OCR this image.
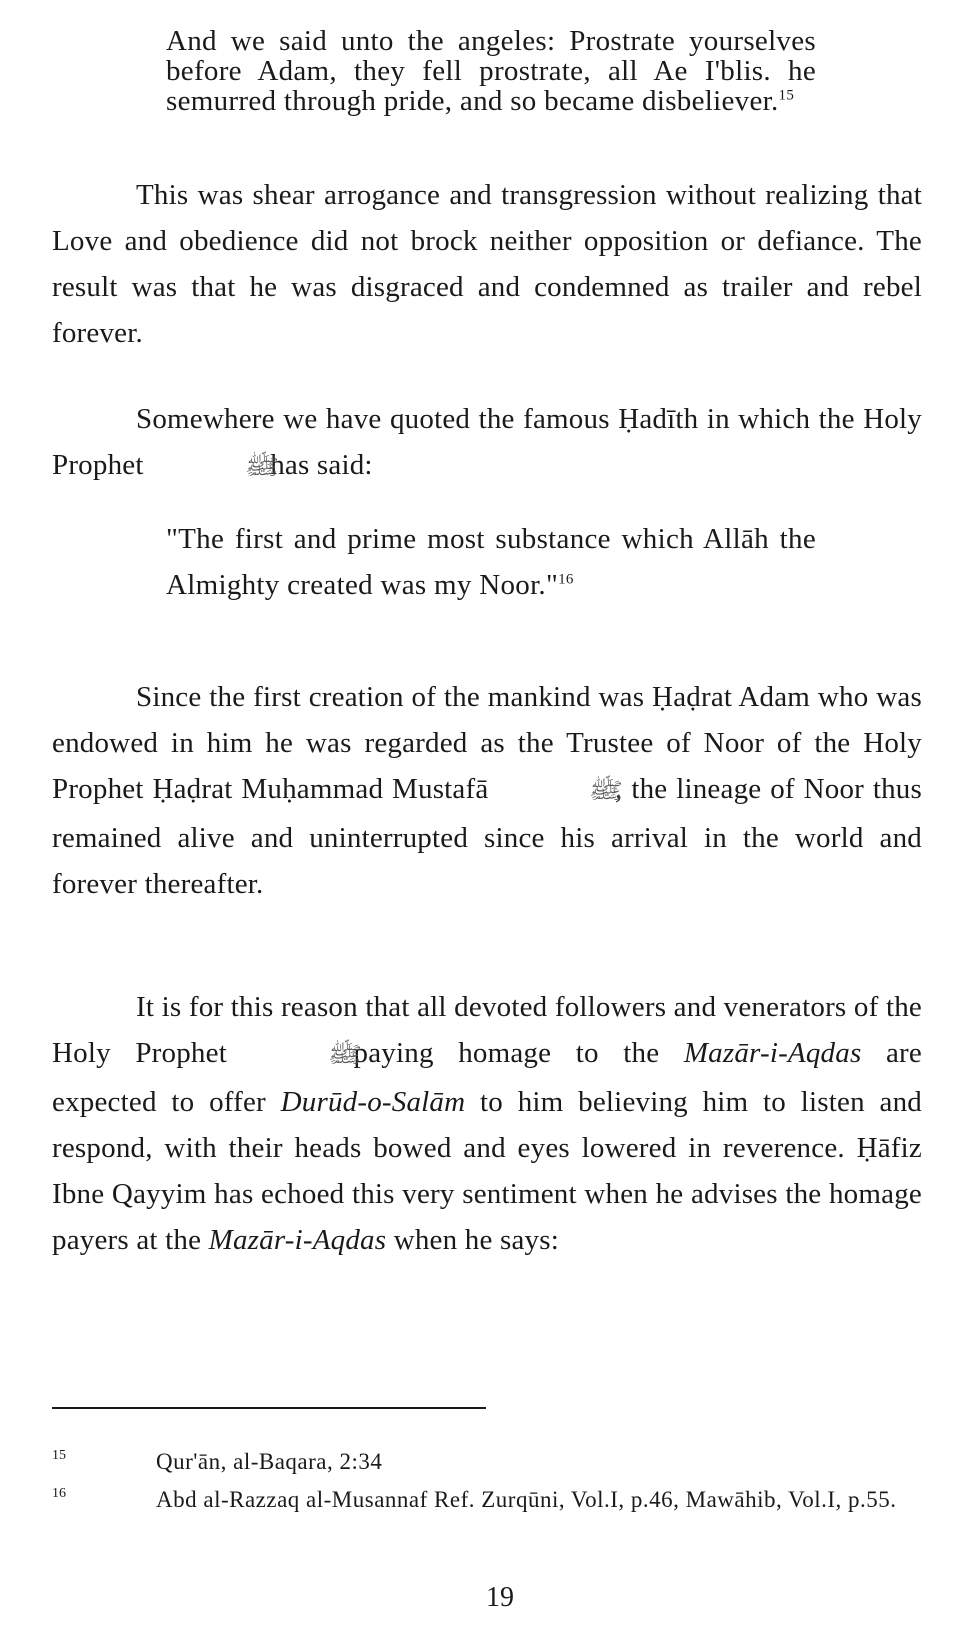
And we said unto the angeles: Prostrate yourselves before Adam, they fell prostrate, all Ae I'blis. he semurred through pride, and so became disbeliever.$^{15}$
This was shear arrogance and transgression without realizing that Love and obedience did not brock neither opposition or defiance. The result was that he was disgraced and condemned as trailer and rebel forever.
Somewhere we have quoted the famous Ḥadīth in which the Holy Prophet	ﷺhas said:
"The first and prime most substance which Allāh the Almighty created was my Noor."$^{16}$
Since the first creation of the mankind was Ḥaḍrat Adam who was endowed in him he was regarded as the Trustee of Noor of the Holy Prophet Ḥaḍrat Muḥammad Mustafā	ﷺ, the lineage of Noor thus remained alive and uninterrupted since his arrival in the world and forever thereafter.
It is for this reason that all devoted followers and venerators of the Holy Prophet	ﷺpaying homage to the Mazār-i-Aqdas are expected to offer Durūd-o-Salām to him believing him to listen and respond, with their heads bowed and eyes lowered in reverence. Ḥāfiz Ibne Qayyim has echoed this very sentiment when he advises the homage payers at the Mazār-i-Aqdas when he says:
15	Qur'ān, al-Baqara, 2:34
16	Abd al-Razzaq al-Musannaf Ref. Zurqūni, Vol.I, p.46, Mawāhib, Vol.I, p.55.
19
